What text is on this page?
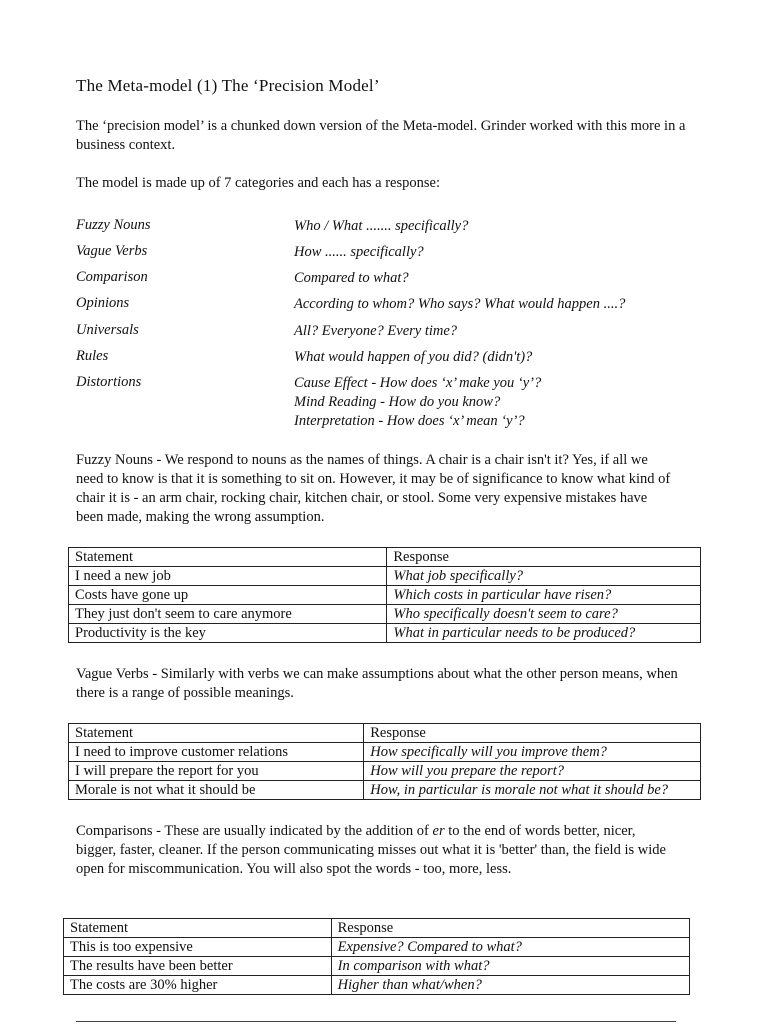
The Meta-model (1) The ‘Precision Model’

The ‘precision model’ is a chunked down version of the Meta-model. Grinder worked with this more in a business context.

The model is made up of 7 categories and each has a response:

Fuzzy Nouns	Who / What ....... specifically?
Vague Verbs	How ...... specifically?
Comparison	Compared to what?
Opinions	According to whom? Who says? What would happen ....?
Universals	All? Everyone? Every time?
Rules	What would happen of you did? (didn't)?
Distortions	Cause Effect - How does ‘x’ make you ‘y’?
Mind Reading - How do you know?
Interpretation - How does ‘x’ mean ‘y’?

Fuzzy Nouns - We respond to nouns as the names of things. A chair is a chair isn't it? Yes, if all we need to know is that it is something to sit on. However, it may be of significance to know what kind of chair it is - an arm chair, rocking chair, kitchen chair, or stool. Some very expensive mistakes have been made, making the wrong assumption.

Statement	Response
I need a new job	What job specifically?
Costs have gone up	Which costs in particular have risen?
They just don't seem to care anymore	Who specifically doesn't seem to care?
Productivity is the key	What in particular needs to be produced?

Vague Verbs - Similarly with verbs we can make assumptions about what the other person means, when there is a range of possible meanings.

Statement	Response
I need to improve customer relations	How specifically will you improve them?
I will prepare the report for you	How will you prepare the report?
Morale is not what it should be	How, in particular is morale not what it should be?

Comparisons - These are usually indicated by the addition of er to the end of words better, nicer, bigger, faster, cleaner. If the person communicating misses out what it is 'better' than, the field is wide open for miscommunication. You will also spot the words - too, more, less.

Statement	Response
This is too expensive	Expensive? Compared to what?
The results have been better	In comparison with what?
The costs are 30% higher	Higher than what/when?
